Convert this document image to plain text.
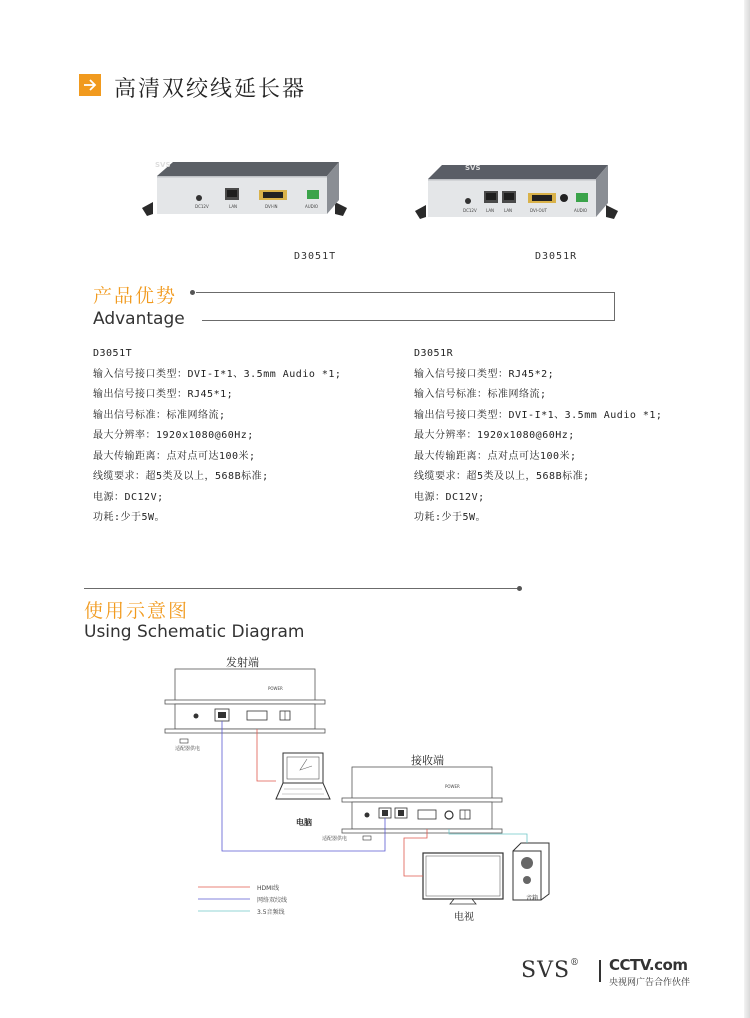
高清双绞线延长器
SVS
DC12V	LAN	DVI-IN	AUDIO
D3051T
SVS
DC12V LAN LAN	DVI-OUT	AUDIO
D3051R
产品优势
Advantage
D3051T
输入信号接口类型：DVI-I*1、3.5mm Audio *1;
输出信号接口类型：RJ45*1;
输出信号标准：标准网络流;
最大分辨率：1920x1080@60Hz;
最大传输距离：点对点可达100米;
线缆要求：超5类及以上，568B标准;
电源：DC12V;
功耗:少于5W。
D3051R
输入信号接口类型：RJ45*2;
输入信号标准：标准网络流;
输出信号接口类型：DVI-I*1、3.5mm Audio *1;
最大分辨率：1920x1080@60Hz;
最大传输距离：点对点可达100米;
线缆要求：超5类及以上，568B标准;
电源：DC12V;
功耗:少于5W。
使用示意图
Using Schematic Diagram
发射端
POWER
适配器供电
接收端
POWER
适配器供电
电脑
电视
音箱
HDMI线
网络双绞线
3.5音频线
SVS® CCTV.com
央视网广告合作伙伴
